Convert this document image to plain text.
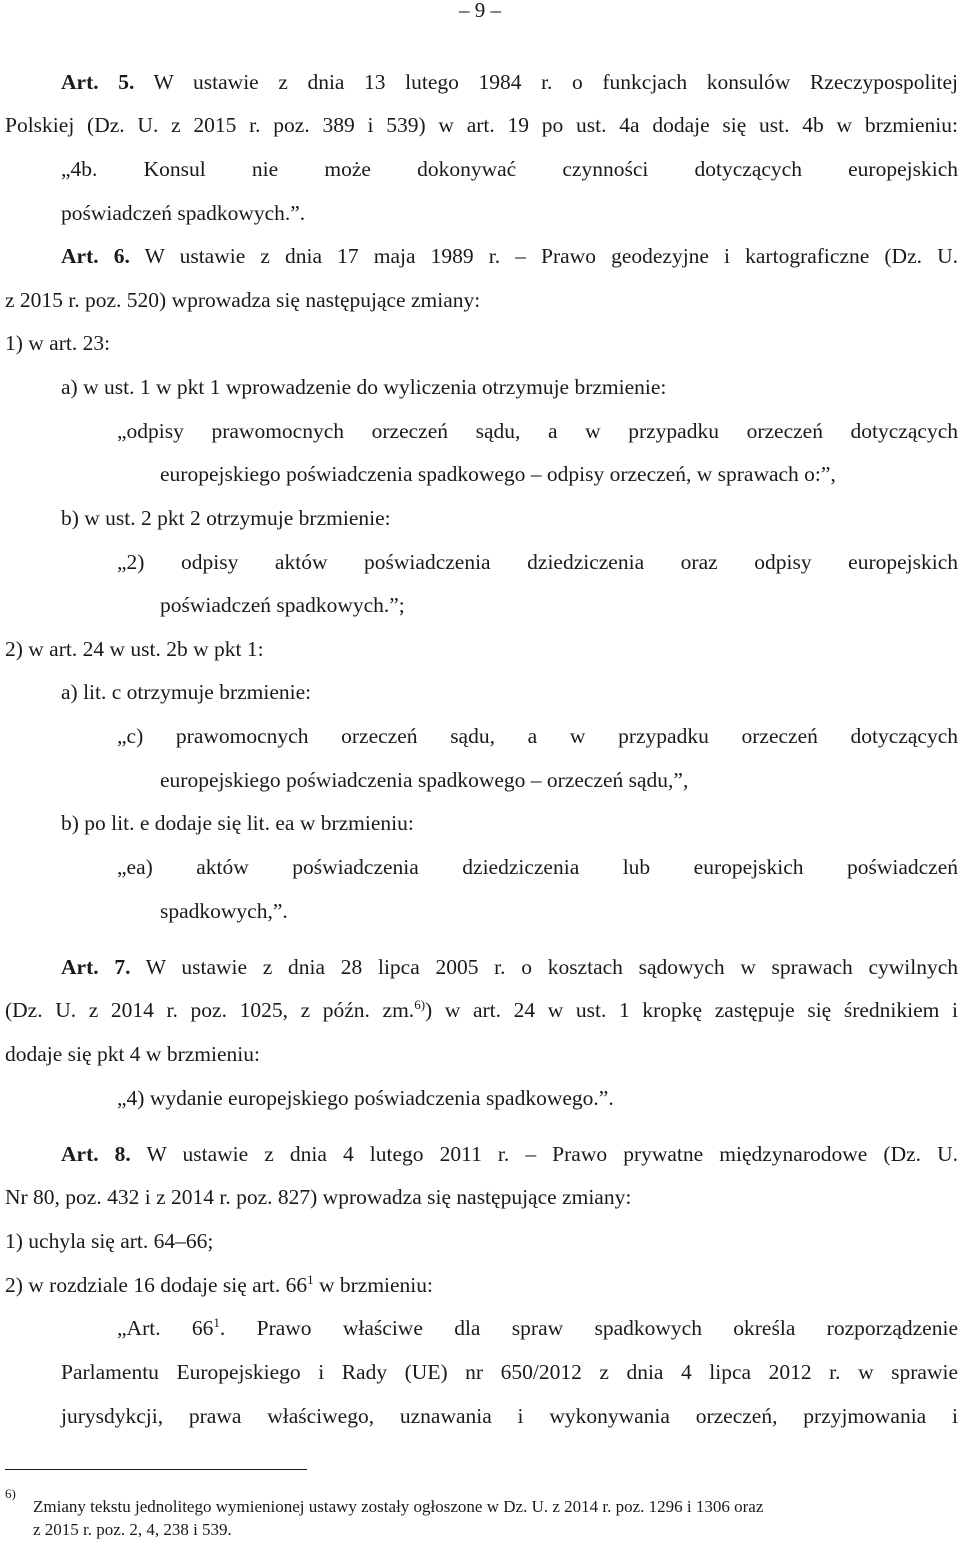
– 9 –
Art. 5. W ustawie z dnia 13 lutego 1984 r. o funkcjach konsulów Rzeczypospolitej
Polskiej (Dz. U. z 2015 r. poz. 389 i 539) w art. 19 po ust. 4a dodaje się ust. 4b w brzmieniu:
„4b. Konsul nie może dokonywać czynności dotyczących europejskich
poświadczeń spadkowych.”.
Art. 6. W ustawie z dnia 17 maja 1989 r. – Prawo geodezyjne i kartograficzne (Dz. U.
z 2015 r. poz. 520) wprowadza się następujące zmiany:
1) w art. 23:
a) w ust. 1 w pkt 1 wprowadzenie do wyliczenia otrzymuje brzmienie:
„odpisy prawomocnych orzeczeń sądu, a w przypadku orzeczeń dotyczących
europejskiego poświadczenia spadkowego – odpisy orzeczeń, w sprawach o:”,
b) w ust. 2 pkt 2 otrzymuje brzmienie:
„2) odpisy aktów poświadczenia dziedziczenia oraz odpisy europejskich
poświadczeń spadkowych.”;
2) w art. 24 w ust. 2b w pkt 1:
a) lit. c otrzymuje brzmienie:
„c) prawomocnych orzeczeń sądu, a w przypadku orzeczeń dotyczących
europejskiego poświadczenia spadkowego – orzeczeń sądu,”,
b) po lit. e dodaje się lit. ea w brzmieniu:
„ea) aktów poświadczenia dziedziczenia lub europejskich poświadczeń
spadkowych,”.
Art. 7. W ustawie z dnia 28 lipca 2005 r. o kosztach sądowych w sprawach cywilnych
(Dz. U. z 2014 r. poz. 1025, z późn. zm.$^{6)}$) w art. 24 w ust. 1 kropkę zastępuje się średnikiem i
dodaje się pkt 4 w brzmieniu:
„4) wydanie europejskiego poświadczenia spadkowego.”.
Art. 8. W ustawie z dnia 4 lutego 2011 r. – Prawo prywatne międzynarodowe (Dz. U.
Nr 80, poz. 432 i z 2014 r. poz. 827) wprowadza się następujące zmiany:
1) uchyla się art. 64–66;
2) w rozdziale 16 dodaje się art. $66^1$ w brzmieniu:
„Art. $66^1$. Prawo właściwe dla spraw spadkowych określa rozporządzenie
Parlamentu Europejskiego i Rady (UE) nr 650/2012 z dnia 4 lipca 2012 r. w sprawie
jurysdykcji, prawa właściwego, uznawania i wykonywania orzeczeń, przyjmowania i
6)
Zmiany tekstu jednolitego wymienionej ustawy zostały ogłoszone w Dz. U. z 2014 r. poz. 1296 i 1306 oraz
z 2015 r. poz. 2, 4, 238 i 539.
